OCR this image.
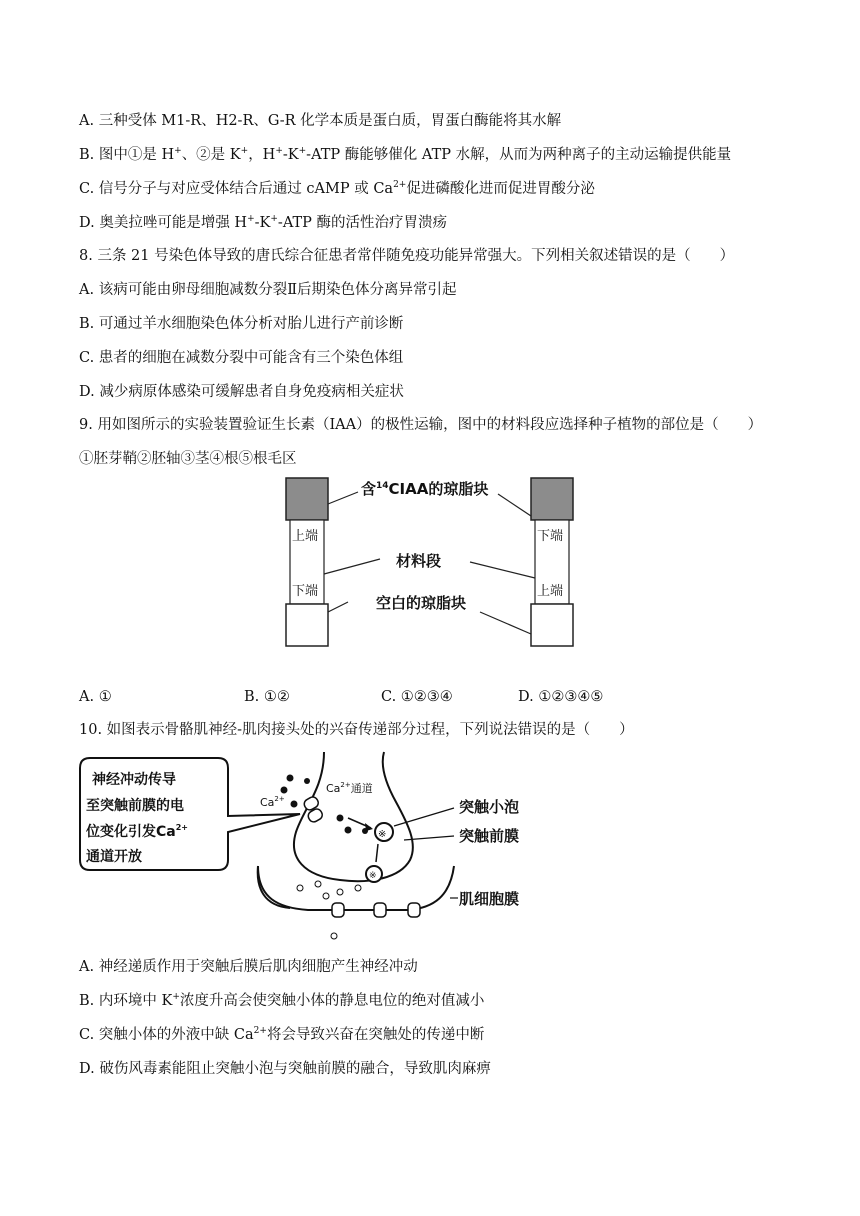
A. 三种受体 M1-R、H2-R、G-R 化学本质是蛋白质，胃蛋白酶能将其水解
B. 图中①是 H+、②是 K+，H+-K+-ATP 酶能够催化 ATP 水解，从而为两种离子的主动运输提供能量
C. 信号分子与对应受体结合后通过 cAMP 或 $Ca^{2+}$促进磷酸化进而促进胃酸分泌
D. 奥美拉唑可能是增强 H+-K+-ATP 酶的活性治疗胃溃疡
8. 三条 21 号染色体导致的唐氏综合征患者常伴随免疫功能异常强大。下列相关叙述错误的是（　　）
A. 该病可能由卵母细胞减数分裂Ⅱ后期染色体分离异常引起
B. 可通过羊水细胞染色体分析对胎儿进行产前诊断
C. 患者的细胞在减数分裂中可能含有三个染色体组
D. 减少病原体感染可缓解患者自身免疫病相关症状
9. 用如图所示的实验装置验证生长素（IAA）的极性运输，图中的材料段应选择种子植物的部位是（　　）
①胚芽鞘②胚轴③茎④根⑤根毛区
含$^{14}$CIAA的琼脂块
材料段
空白的琼脂块
上端
下端
下端
上端
A. ①	B. ①②	C. ①②③④	D. ①②③④⑤
10. 如图表示骨骼肌神经-肌肉接头处的兴奋传递部分过程，下列说法错误的是（　　）
神经冲动传导
至突触前膜的电
位变化引发$Ca^{2+}$
通道开放
※
※
$Ca^{2+}$
$Ca^{2+}$通道
突触小泡
突触前膜
肌细胞膜
A. 神经递质作用于突触后膜后肌肉细胞产生神经冲动
B. 内环境中 K+浓度升高会使突触小体的静息电位的绝对值减小
C. 突触小体的外液中缺 $Ca^{2+}$将会导致兴奋在突触处的传递中断
D. 破伤风毒素能阻止突触小泡与突触前膜的融合，导致肌肉麻痹
